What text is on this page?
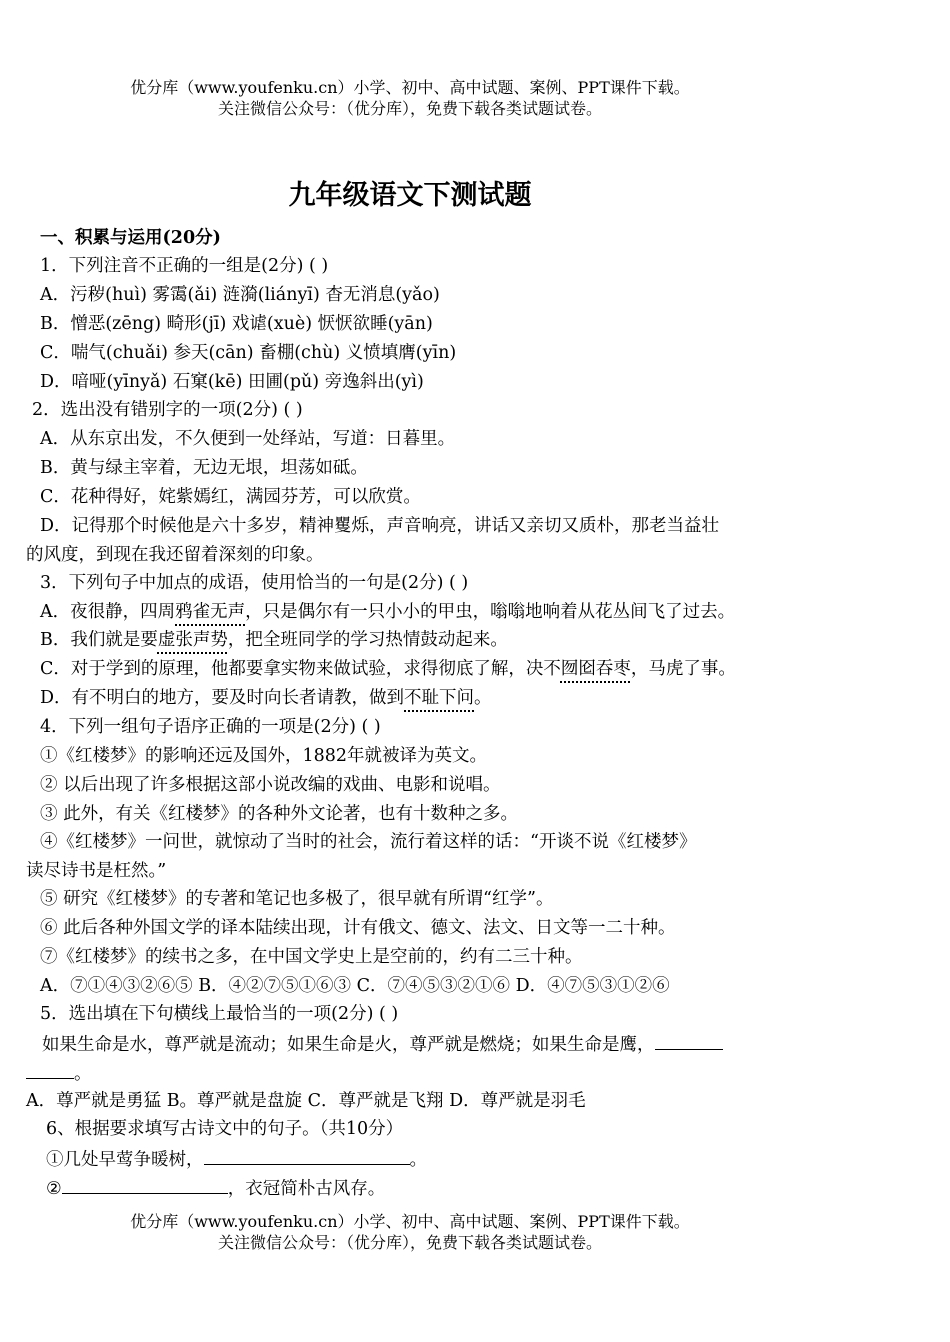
优分库（www.youfenku.cn）小学、初中、高中试题、案例、PPT课件下载。
关注微信公众号：（优分库），免费下载各类试题试卷。
九年级语文下测试题
一、积累与运用(20分)
1．下列注音不正确的一组是(2分) ( )
A．污秽(huì) 雾霭(ǎi) 涟漪(liányī) 杳无消息(yǎo)
B．憎恶(zēng) 畸形(jī) 戏谑(xuè) 恹恹欲睡(yān)
C．喘气(chuǎi) 参天(cān) 畜棚(chù) 义愤填膺(yīn)
D．喑哑(yīnyǎ) 石窠(kē) 田圃(pǔ) 旁逸斜出(yì)
2．选出没有错别字的一项(2分) ( )
A．从东京出发，不久便到一处绎站，写道：日暮里。
B．黄与绿主宰着，无边无垠，坦荡如砥。
C．花种得好，姹紫嫣红，满园芬芳，可以欣赏。
D．记得那个时候他是六十多岁，精神矍烁，声音响亮，讲话又亲切又质朴，那老当益壮
的风度，到现在我还留着深刻的印象。
3．下列句子中加点的成语，使用恰当的一句是(2分) ( )
A．夜很静，四周鸦雀无声，只是偶尔有一只小小的甲虫，嗡嗡地响着从花丛间飞了过去。
B．我们就是要虚张声势，把全班同学的学习热情鼓动起来。
C．对于学到的原理，他都要拿实物来做试验，求得彻底了解，决不囫囵吞枣，马虎了事。
D．有不明白的地方，要及时向长者请教，做到不耻下问。
4．下列一组句子语序正确的一项是(2分) ( )
①《红楼梦》的影响还远及国外，1882年就被译为英文。
② 以后出现了许多根据这部小说改编的戏曲、电影和说唱。
③ 此外，有关《红楼梦》的各种外文论著，也有十数种之多。
④《红楼梦》一问世，就惊动了当时的社会，流行着这样的话：“开谈不说《红楼梦》
读尽诗书是枉然。”
⑤ 研究《红楼梦》的专著和笔记也多极了，很早就有所谓“红学”。
⑥ 此后各种外国文学的译本陆续出现，计有俄文、德文、法文、日文等一二十种。
⑦《红楼梦》的续书之多，在中国文学史上是空前的，约有二三十种。
A．⑦①④③②⑥⑤ B．④②⑦⑤①⑥③ C．⑦④⑤③②①⑥ D．④⑦⑤③①②⑥
5．选出填在下句横线上最恰当的一项(2分) ( )
如果生命是水，尊严就是流动；如果生命是火，尊严就是燃烧；如果生命是鹰，
。
A．尊严就是勇猛 B。尊严就是盘旋 C．尊严就是飞翔 D．尊严就是羽毛
6、根据要求填写古诗文中的句子。（共10分）
①几处早莺争暖树，	。
②	，衣冠简朴古风存。
优分库（www.youfenku.cn）小学、初中、高中试题、案例、PPT课件下载。
关注微信公众号：（优分库），免费下载各类试题试卷。
